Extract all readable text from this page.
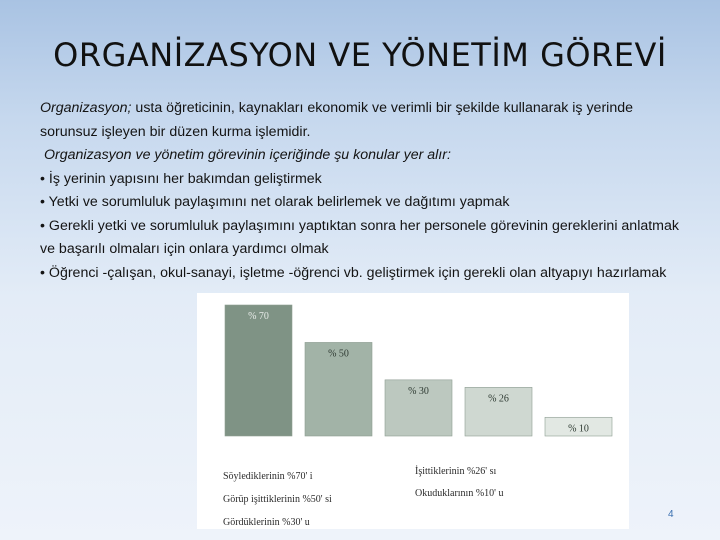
ORGANİZASYON VE YÖNETİM GÖREVİ

Organizasyon; usta öğreticinin, kaynakları ekonomik ve verimli bir şekilde kullanarak iş yerinde sorunsuz işleyen bir düzen kurma işlemidir.

Organizasyon ve yönetim görevinin içeriğinde şu konular yer alır:

• İş yerinin yapısını her bakımdan geliştirmek

• Yetki ve sorumluluk paylaşımını net olarak belirlemek ve dağıtımı yapmak

• Gerekli yetki ve sorumluluk paylaşımını yaptıktan sonra her personele görevinin gereklerini anlatmak ve başarılı olmaları için onlara yardımcı olmak

• Öğrenci -çalışan, okul-sanayi, işletme -öğrenci vb. geliştirmek için gerekli olan altyapıyı hazırlamak

% 70
% 50
% 30
% 26
% 10
Söylediklerinin %70' i
Görüp işittiklerinin %50' si
Gördüklerinin %30' u
İşittiklerinin %26' sı
Okuduklarının %10' u
4
